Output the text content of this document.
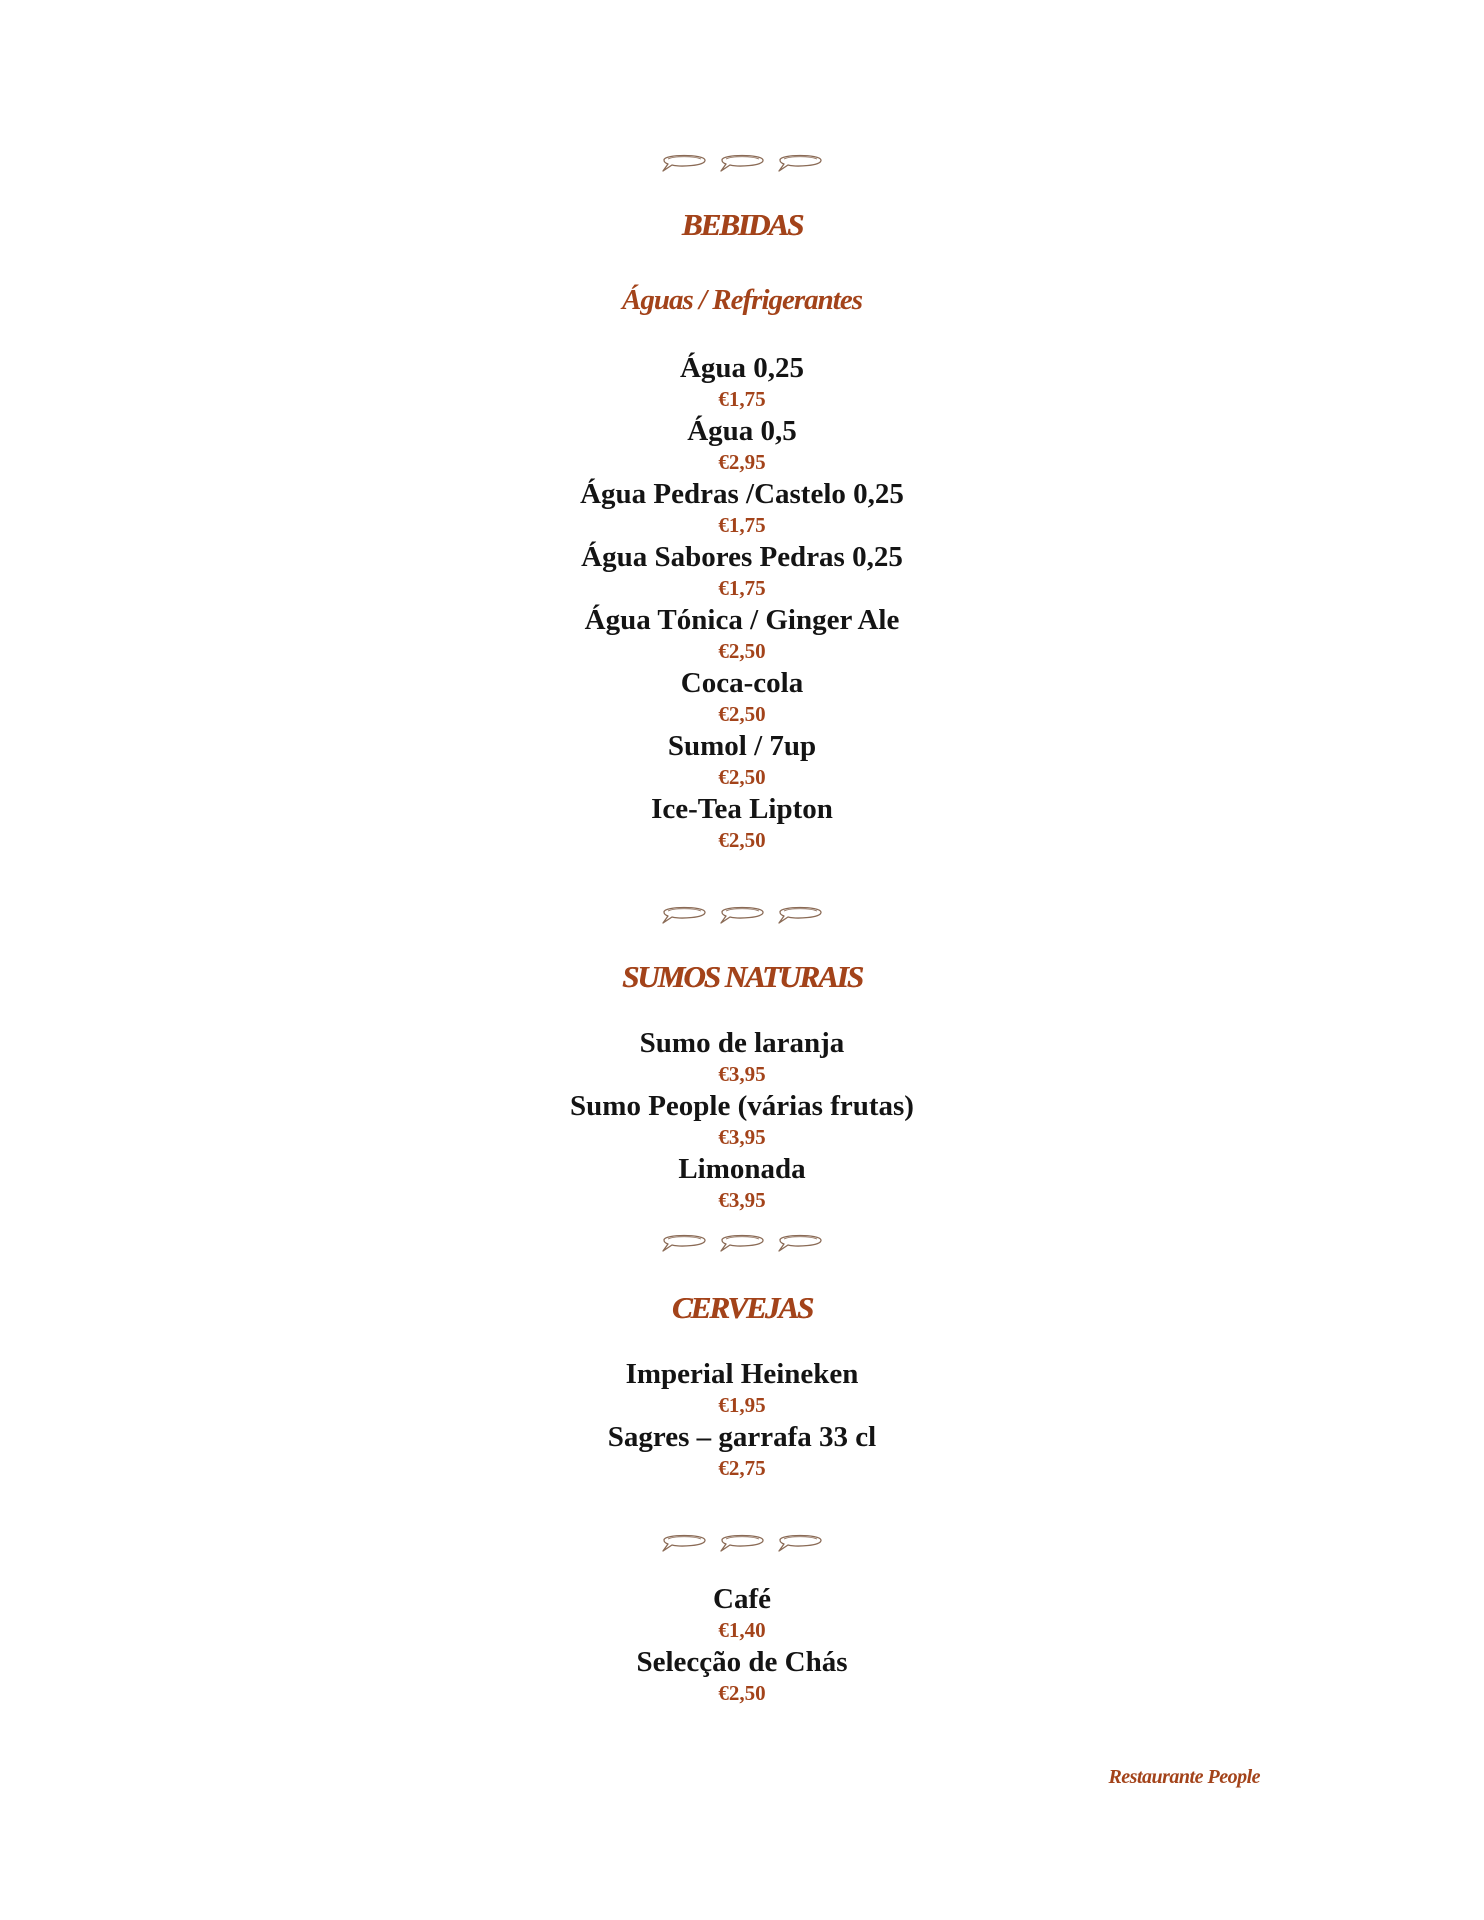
BEBIDAS
Águas / Refrigerantes
Água 0,25
€1,75
Água 0,5
€2,95
Água Pedras /Castelo 0,25
€1,75
Água Sabores Pedras 0,25
€1,75
Água Tónica / Ginger Ale
€2,50
Coca-cola
€2,50
Sumol / 7up
€2,50
Ice-Tea Lipton
€2,50
SUMOS NATURAIS
Sumo de laranja
€3,95
Sumo People (várias frutas)
€3,95
Limonada
€3,95
CERVEJAS
Imperial Heineken
€1,95
Sagres – garrafa 33 cl
€2,75
Café
€1,40
Selecção de Chás
€2,50
Restaurante People
